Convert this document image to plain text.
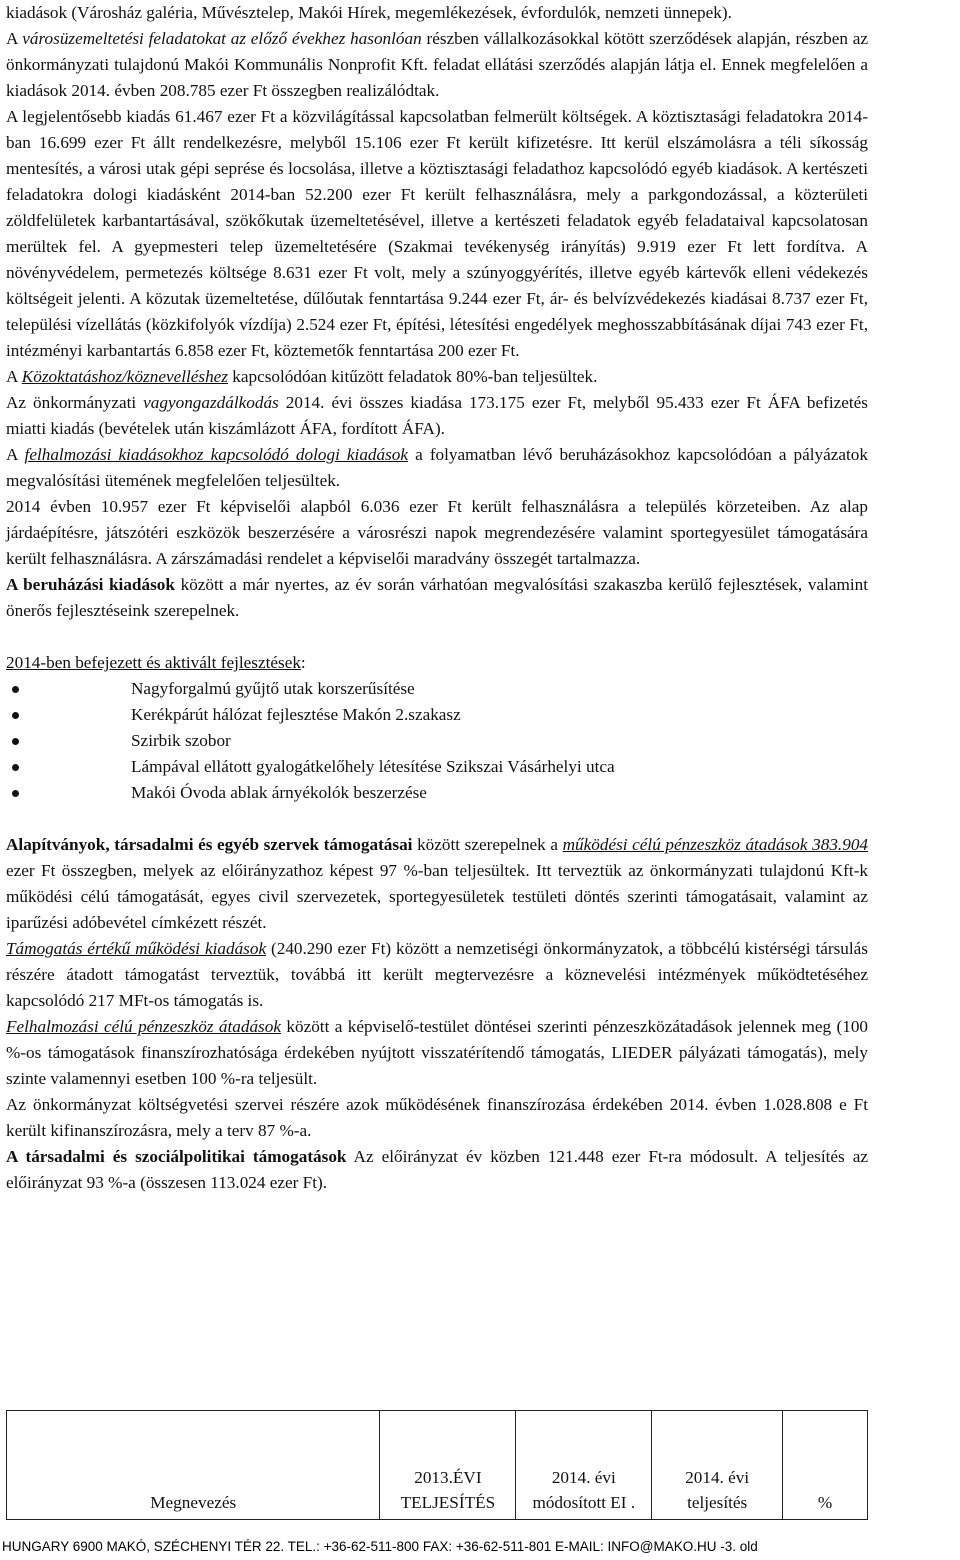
kiadások (Városház galéria, Művésztelep, Makói Hírek, megemlékezések, évfordulók, nemzeti ünnepek).

A városüzemeltetési feladatokat az előző évekhez hasonlóan részben vállalkozásokkal kötött szerződések alapján, részben az önkormányzati tulajdonú Makói Kommunális Nonprofit Kft. feladat ellátási szerződés alapján látja el. Ennek megfelelően a kiadások 2014. évben 208.785 ezer Ft összegben realizálódtak.

A legjelentősebb kiadás 61.467 ezer Ft a közvilágítással kapcsolatban felmerült költségek. A köztisztasági feladatokra 2014-ban 16.699 ezer Ft állt rendelkezésre, melyből 15.106 ezer Ft került kifizetésre. Itt kerül elszámolásra a téli síkosság mentesítés, a városi utak gépi seprése és locsolása, illetve a köztisztasági feladathoz kapcsolódó egyéb kiadások. A kertészeti feladatokra dologi kiadásként 2014-ban 52.200 ezer Ft került felhasználásra, mely a parkgondozással, a közterületi zöldfelületek karbantartásával, szökőkutak üzemeltetésével, illetve a kertészeti feladatok egyéb feladataival kapcsolatosan merültek fel. A gyepmesteri telep üzemeltetésére (Szakmai tevékenység irányítás) 9.919 ezer Ft lett fordítva. A növényvédelem, permetezés költsége 8.631 ezer Ft volt, mely a szúnyoggyérítés, illetve egyéb kártevők elleni védekezés költségeit jelenti. A közutak üzemeltetése, dűlőutak fenntartása 9.244 ezer Ft, ár- és belvízvédekezés kiadásai 8.737 ezer Ft, települési vízellátás (közkifolyók vízdíja) 2.524 ezer Ft, építési, létesítési engedélyek meghosszabbításának díjai 743 ezer Ft, intézményi karbantartás 6.858 ezer Ft, köztemetők fenntartása 200 ezer Ft.

A Közoktatáshoz/köznevelléshez kapcsolódóan kitűzött feladatok 80%-ban teljesültek.

Az önkormányzati vagyongazdálkodás 2014. évi összes kiadása 173.175 ezer Ft, melyből 95.433 ezer Ft ÁFA befizetés miatti kiadás (bevételek után kiszámlázott ÁFA, fordított ÁFA).

A felhalmozási kiadásokhoz kapcsolódó dologi kiadások a folyamatban lévő beruházásokhoz kapcsolódóan a pályázatok megvalósítási ütemének megfelelően teljesültek.

2014 évben 10.957 ezer Ft képviselői alapból 6.036 ezer Ft került felhasználásra a település körzeteiben. Az alap járdaépítésre, játszótéri eszközök beszerzésére a városrészi napok megrendezésére valamint sportegyesület támogatására került felhasználásra. A zárszámadási rendelet a képviselői maradvány összegét tartalmazza.

A beruházási kiadások között a már nyertes, az év során várhatóan megvalósítási szakaszba kerülő fejlesztések, valamint önerős fejlesztéseink szerepelnek.

2014-ben befejezett és aktivált fejlesztések:

Nagyforgalmú gyűjtő utak korszerűsítése
Kerékpárút hálózat fejlesztése Makón 2.szakasz
Szirbik szobor
Lámpával ellátott gyalogátkelőhely létesítése Szikszai Vásárhelyi utca
Makói Óvoda ablak árnyékolók beszerzése

Alapítványok, társadalmi és egyéb szervek támogatásai között szerepelnek a működési célú pénzeszköz átadások 383.904 ezer Ft összegben, melyek az előirányzathoz képest 97 %-ban teljesültek. Itt terveztük az önkormányzati tulajdonú Kft-k működési célú támogatását, egyes civil szervezetek, sportegyesületek testületi döntés szerinti támogatásait, valamint az iparűzési adóbevétel címkézett részét.

Támogatás értékű működési kiadások (240.290 ezer Ft) között a nemzetiségi önkormányzatok, a többcélú kistérségi társulás részére átadott támogatást terveztük, továbbá itt került megtervezésre a köznevelési intézmények működtetéséhez kapcsolódó 217 MFt-os támogatás is.

Felhalmozási célú pénzeszköz átadások között a képviselő-testület döntései szerinti pénzeszközátadások jelennek meg (100 %-os támogatások finanszírozhatósága érdekében nyújtott visszatérítendő támogatás, LIEDER pályázati támogatás), mely szinte valamennyi esetben 100 %-ra teljesült.

Az önkormányzat költségvetési szervei részére azok működésének finanszírozása érdekében 2014. évben 1.028.808 e Ft került kifinanszírozásra, mely a terv 87 %-a.

A társadalmi és szociálpolitikai támogatások Az előirányzat év közben 121.448 ezer Ft-ra módosult. A teljesítés az előirányzat 93 %-a (összesen 113.024 ezer Ft).

Megnevezés	2013.ÉVI TELJESÍTÉS	2014. évi módosított EI .	2014. évi teljesítés	%
HUNGARY 6900 MAKÓ, SZÉCHENYI TÉR 22. TEL.: +36-62-511-800 FAX: +36-62-511-801 E-MAIL: INFO@MAKO.HU -3. old
